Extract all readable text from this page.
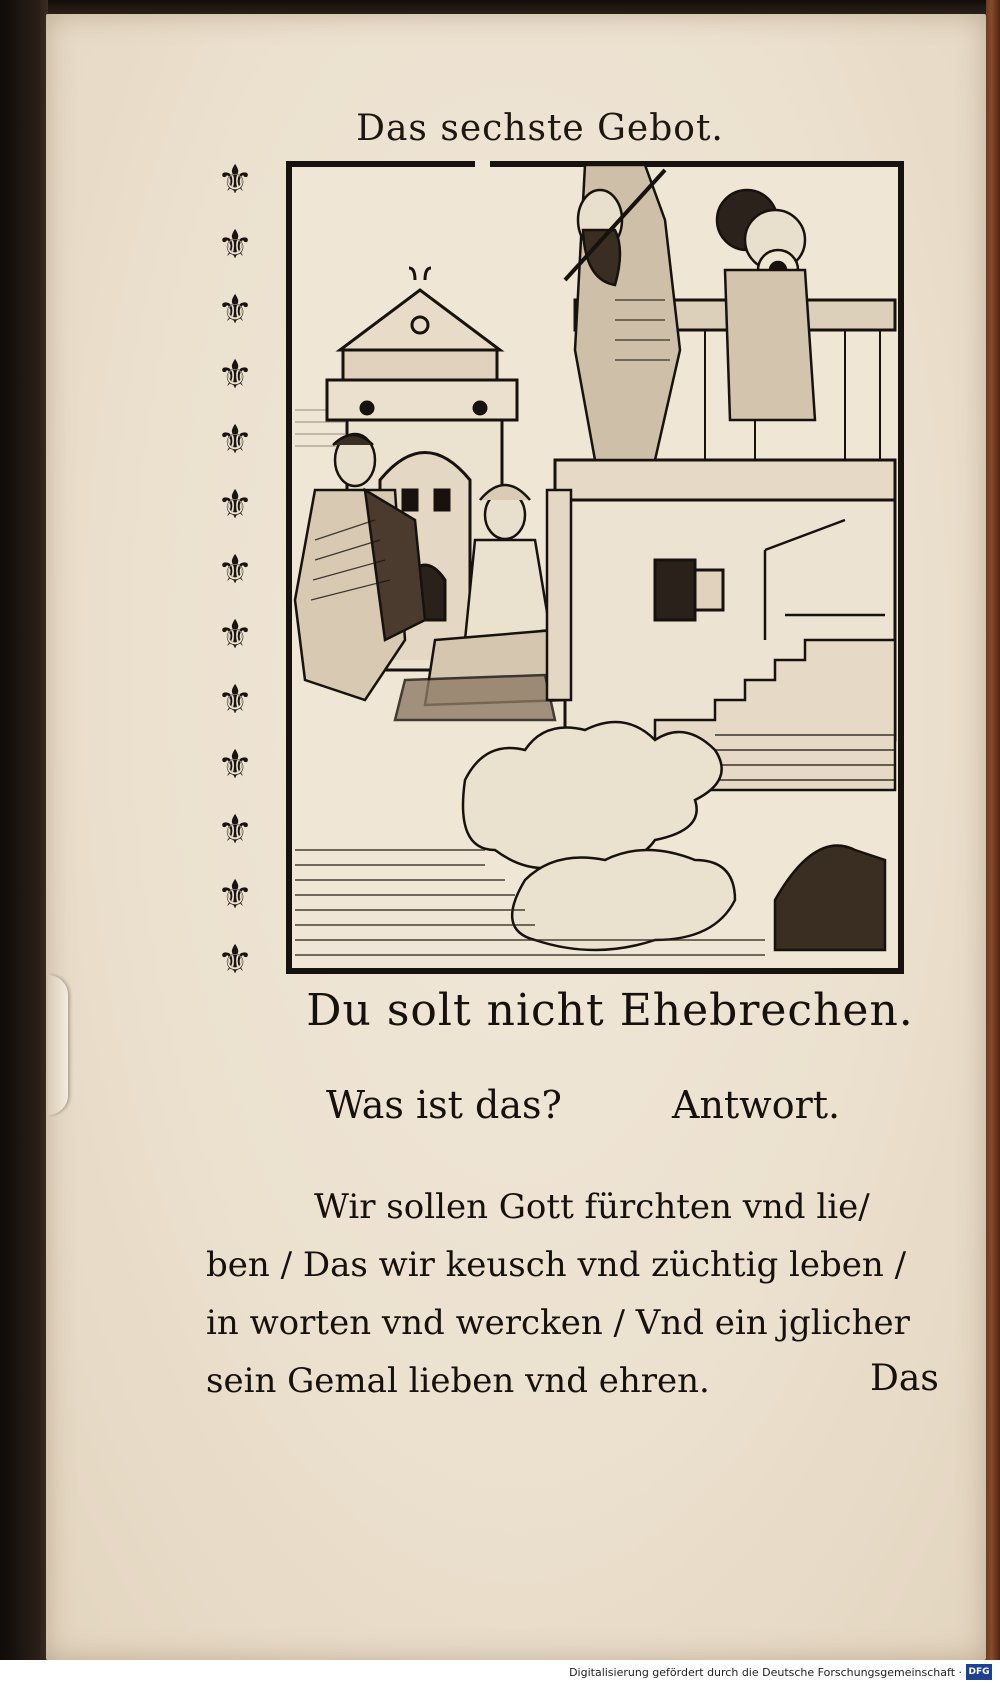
Das sechste Gebot.
⚜
⚜
⚜
⚜
⚜
⚜
⚜
⚜
⚜
⚜
⚜
⚜
⚜
Du solt nicht Ehebrechen.
Was ist das?	Antwort.
Wir sollen Gott fürchten vnd lie/
ben / Das wir keusch vnd züchtig leben /
in worten vnd wercken / Vnd ein jglicher
sein Gemal lieben vnd ehren.	Das
Digitalisierung gefördert durch die Deutsche Forschungsgemeinschaft · DFG
